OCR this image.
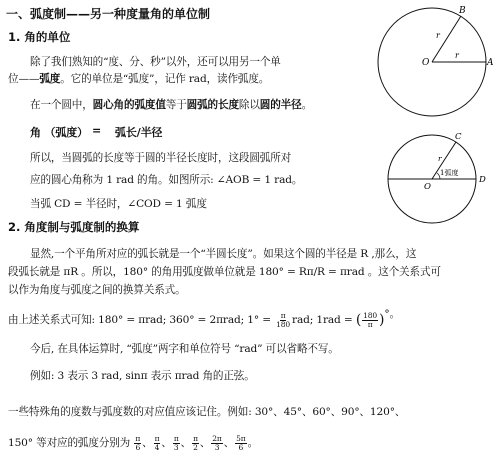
一、弧度制——另一种度量角的单位制
1. 角的单位
除了我们熟知的“度、分、秒”以外，还可以用另一个单
位——弧度。它的单位是“弧度”，记作 rad，读作弧度。
在一个圆中，圆心角的弧度值等于圆弧的长度除以圆的半径。
角 （弧度） = 弧长/半径
所以，当圆弧的长度等于圆的半径长度时，这段圆弧所对
应的圆心角称为 1 rad 的角。如图所示: ∠AOB = 1 rad。
当弧 CD = 半径时，∠COD = 1 弧度
2. 角度制与弧度制的换算
显然,一个平角所对应的弧长就是一个“半圆长度”。如果这个圆的半径是 R ,那么，这
段弧长就是 πR 。所以，180° 的角用弧度做单位就是 180° = Rπ/R = πrad 。这个关系式可
以作为角度与弧度之间的换算关系式。
由上述关系式可知: 180° = πrad; 360° = 2πrad; $1^\circ = \frac{\pi}{180}$ rad; 1rad = ( $\frac{180}{\pi}$ )°。
今后, 在具体运算时, “弧度”两字和单位符号 “rad” 可以省略不写。
例如: 3 表示 3 rad, sinπ 表示 πrad 角的正弦。
一些特殊角的度数与弧度数的对应值应该记住。例如: 30°、45°、60°、90°、120°、
150° 等对应的弧度分别为 $\frac{\pi}{6}$ 、 $\frac{\pi}{4}$ 、 $\frac{\pi}{3}$ 、 $\frac{\pi}{2}$ 、 $\frac{2\pi}{3}$ 、 $\frac{5\pi}{6}$ 。
B
r
r
O	A
C
r
1弧度
O
D
